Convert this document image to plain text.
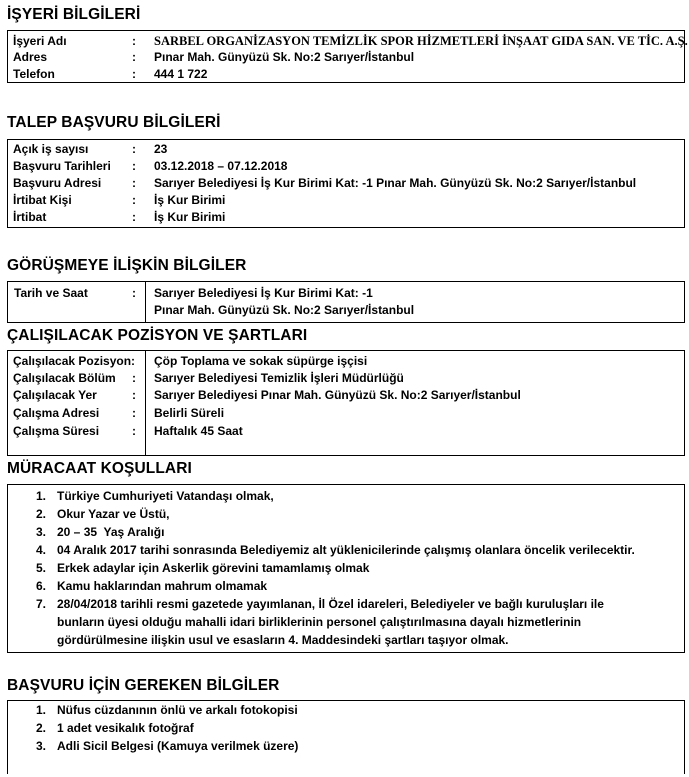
İŞYERİ BİLGİLERİ
İşyeri Adı	: SARBEL ORGANİZASYON TEMİZLİK SPOR HİZMETLERİ İNŞAAT GIDA SAN. VE TİC. A.Ş.
Adres	: Pınar Mah. Günyüzü Sk. No:2 Sarıyer/İstanbul
Telefon	: 444 1 722
TALEP BAŞVURU BİLGİLERİ
Açık iş sayısı	: 23
Başvuru Tarihleri : 03.12.2018 – 07.12.2018
Başvuru Adresi	: Sarıyer Belediyesi İş Kur Birimi Kat: -1 Pınar Mah. Günyüzü Sk. No:2 Sarıyer/İstanbul
İrtibat Kişi	: İş Kur Birimi
İrtibat	: İş Kur Birimi
GÖRÜŞMEYE İLİŞKİN BİLGİLER
Tarih ve Saat	: Sarıyer Belediyesi İş Kur Birimi Kat: -1
Pınar Mah. Günyüzü Sk. No:2 Sarıyer/İstanbul
ÇALIŞILACAK POZİSYON VE ŞARTLARI
Çalışılacak Pozisyon: Çöp Toplama ve sokak süpürge işçisi
Çalışılacak Bölüm : Sarıyer Belediyesi Temizlik İşleri Müdürlüğü
Çalışılacak Yer	: Sarıyer Belediyesi Pınar Mah. Günyüzü Sk. No:2 Sarıyer/İstanbul
Çalışma Adresi	: Belirli Süreli
Çalışma Süresi	: Haftalık 45 Saat
MÜRACAAT KOŞULLARI
1. Türkiye Cumhuriyeti Vatandaşı olmak,
2. Okur Yazar ve Üstü,
3. 20 – 35  Yaş Aralığı
4. 04 Aralık 2017 tarihi sonrasında Belediyemiz alt yüklenicilerinde çalışmış olanlara öncelik verilecektir.
5. Erkek adaylar için Askerlik görevini tamamlamış olmak
6. Kamu haklarından mahrum olmamak
7. 28/04/2018 tarihli resmi gazetede yayımlanan, İl Özel idareleri, Belediyeler ve bağlı kuruluşları ile
bunların üyesi olduğu mahalli idari birliklerinin personel çalıştırılmasına dayalı hizmetlerinin
gördürülmesine ilişkin usul ve esasların 4. Maddesindeki şartları taşıyor olmak.
BAŞVURU İÇİN GEREKEN BİLGİLER
1. Nüfus cüzdanının önlü ve arkalı fotokopisi
2. 1 adet vesikalık fotoğraf
3. Adli Sicil Belgesi (Kamuya verilmek üzere)
